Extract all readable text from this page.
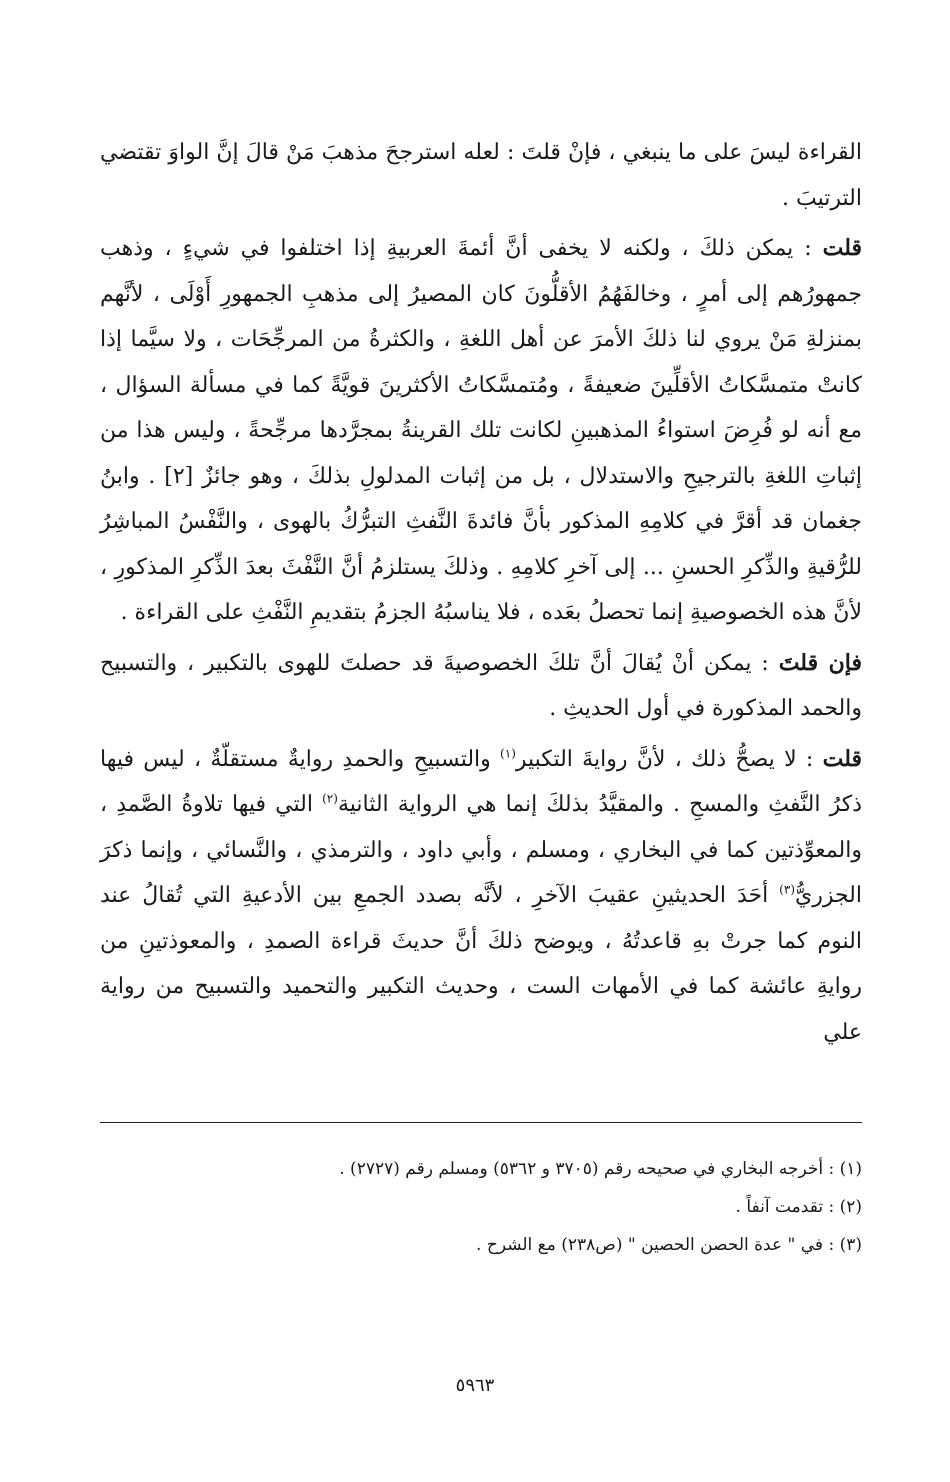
القراءة ليسَ على ما ينبغي ، فإنْ قلتَ : لعله استرجحَ مذهبَ مَنْ قالَ إنَّ الواوَ تقتضي الترتيبَ .

قلت : يمكن ذلكَ ، ولكنه لا يخفى أنَّ أئمةَ العربيةِ إذا اختلفوا في شيءٍ ، وذهب جمهورُهم إلى أمرٍ ، وخالفَهُمُ الأقلُّونَ كان المصيرُ إلى مذهبِ الجمهورِ أَوْلَى ، لأنَّهم بمنزلةِ مَنْ يروي لنا ذلكَ الأمرَ عن أهل اللغةِ ، والكثرةُ من المرجِّحَات ، ولا سيَّما إذا كانتْ متمسَّكاتُ الأقلِّينَ ضعيفةً ، ومُتمسَّكاتُ الأكثرينَ قويَّةً كما في مسألة السؤال ، مع أنه لو فُرِضَ استواءُ المذهبينِ لكانت تلك القرينةُ بمجرَّدها مرجِّحةً ، وليس هذا من إثباتِ اللغةِ بالترجيحِ والاستدلال ، بل من إثبات المدلولِ بذلكَ ، وهو جائزٌ [٢] . وابنُ جغمان قد أقرَّ في كلامِهِ المذكور بأنَّ فائدةَ النَّفثِ التبرُّكُ بالهوى ، والنَّفْسُ المباشِرُ للرُّقيةِ والذِّكرِ الحسنِ ... إلى آخرِ كلامِهِ . وذلكَ يستلزمُ أنَّ النَّفْثَ بعدَ الذِّكرِ المذكورِ ، لأنَّ هذه الخصوصيةِ إنما تحصلُ بعَده ، فلا يناسبُهُ الجزمُ بتقديمِ النَّفْثِ على القراءة .

فإن قلتَ : يمكن أنْ يُقالَ أنَّ تلكَ الخصوصيةَ قد حصلتَ للهوى بالتكبير ، والتسبيح والحمد المذكورة في أول الحديثِ .

قلت : لا يصحُّ ذلك ، لأنَّ روايةَ التكبير$^{(١)}$ والتسبيحِ والحمدِ روايةٌ مستقلّةٌ ، ليس فيها ذكرُ النَّفثِ والمسحِ . والمقيَّدُ بذلكَ إنما هي الرواية الثانية$^{(٢)}$ التي فيها تلاوةُ الصَّمدِ ، والمعوِّذتين كما في البخاري ، ومسلم ، وأبي داود ، والترمذي ، والنَّسائي ، وإنما ذكرَ الجزريُّ$^{(٣)}$ أحَدَ الحديثينِ عقيبَ الآخرِ ، لأنَّه بصدد الجمعِ بين الأدعيةِ التي تُقالُ عند النوم كما جرتْ بهِ قاعدتُهُ ، ويوضح ذلكَ أنَّ حديثَ قراءة الصمدِ ، والمعوذتينِ من روايةِ عائشة كما في الأمهات الست ، وحديث التكبير والتحميد والتسبيح من رواية علي

(١) : أخرجه البخاري في صحيحه رقم (٣٧٠٥ و ٥٣٦٢) ومسلم رقم (٢٧٢٧) .

(٢) : تقدمت آنفاً .

(٣) : في " عدة الحصن الحصين " (ص٢٣٨) مع الشرح .

٥٩٦٣
